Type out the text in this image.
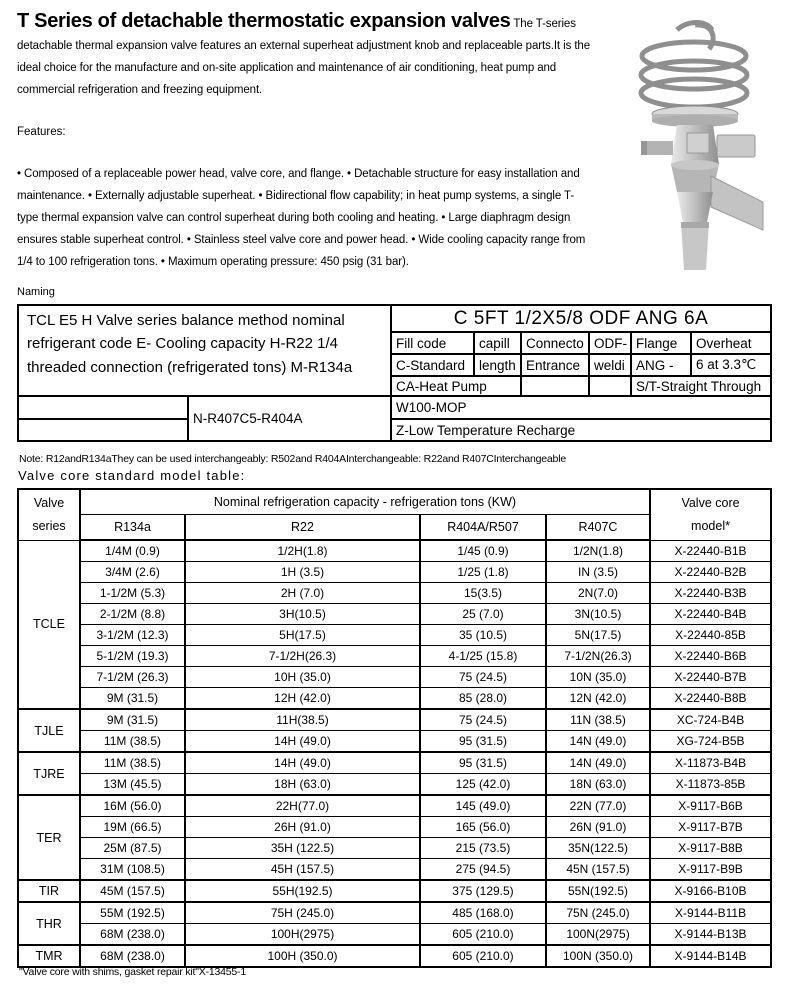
T Series of detachable thermostatic expansion valves The T-series detachable thermal expansion valve features an external superheat adjustment knob and replaceable parts.It is the ideal choice for the manufacture and on-site application and maintenance of air conditioning, heat pump and commercial refrigeration and freezing equipment.
Features:
• Composed of a replaceable power head, valve core, and flange. • Detachable structure for easy installation and maintenance. • Externally adjustable superheat. • Bidirectional flow capability; in heat pump systems, a single T-type thermal expansion valve can control superheat during both cooling and heating. • Large diaphragm design ensures stable superheat control. • Stainless steel valve core and power head. • Wide cooling capacity range from 1/4 to 100 refrigeration tons. • Maximum operating pressure: 450 psig (31 bar).
Naming
TCL E5 H Valve series balance method nominal refrigerant code E- Cooling capacity H-R22 1/4 threaded connection (refrigerated tons) M-R134a		C 5FT 1/2X5/8 ODF ANG 6A					
		Fill code	capill	Connecto	ODF-	Flange	Overheat
		C-Standard	length	Entrance	weldi	ANG -	6 at 3.3℃
		CA-Heat Pump				S/T-Straight Through	
	N-R407C5-R404A	W100-MOP					
		Z-Low Temperature Recharge					
Note: R12andR134aThey can be used interchangeably: R502and R404AInterchangeable: R22and R407CInterchangeable
Valve core standard model table:
Valve
series	Nominal refrigeration capacity - refrigeration tons (KW)				Valve core
model*

	R134a	R22	R404A/R507	R407C	
TCLE	1/4M (0.9)	1/2H(1.8)	1/45 (0.9)	1/2N(1.8)	X-22440-B1B
	3/4M (2.6)	1H (3.5)	1/25 (1.8)	IN (3.5)	X-22440-B2B
	1-1/2M (5.3)	2H (7.0)	15(3.5)	2N(7.0)	X-22440-B3B
	2-1/2M (8.8)	3H(10.5)	25 (7.0)	3N(10.5)	X-22440-B4B
	3-1/2M (12.3)	5H(17.5)	35 (10.5)	5N(17.5)	X-22440-85B
	5-1/2M (19.3)	7-1/2H(26.3)	4-1/25 (15.8)	7-1/2N(26.3)	X-22440-B6B
	7-1/2M (26.3)	10H (35.0)	75 (24.5)	10N (35.0)	X-22440-B7B
	9M (31.5)	12H (42.0)	85 (28.0)	12N (42.0)	X-22440-B8B
TJLE	9M (31.5)	11H(38.5)	75 (24.5)	11N (38.5)	XC-724-B4B
	11M (38.5)	14H (49.0)	95 (31.5)	14N (49.0)	XG-724-B5B
TJRE	11M (38.5)	14H (49.0)	95 (31.5)	14N (49.0)	X-11873-B4B
	13M (45.5)	18H (63.0)	125 (42.0)	18N (63.0)	X-11873-85B
TER	16M (56.0)	22H(77.0)	145 (49.0)	22N (77.0)	X-9117-B6B
	19M (66.5)	26H (91.0)	165 (56.0)	26N (91.0)	X-9117-B7B
	25M (87.5)	35H (122.5)	215 (73.5)	35N(122.5)	X-9117-B8B
	31M (108.5)	45H (157.5)	275 (94.5)	45N (157.5)	X-9117-B9B
TIR	45M (157.5)	55H(192.5)	375 (129.5)	55N(192.5)	X-9166-B10B
THR	55M (192.5)	75H (245.0)	485 (168.0)	75N (245.0)	X-9144-B11B
	68M (238.0)	100H(2975)	605 (210.0)	100N(2975)	X-9144-B13B
TMR	68M (238.0)	100H (350.0)	605 (210.0)	100N (350.0)	X-9144-B14B
"Valve core with shims, gasket repair kit"X-13455-1
